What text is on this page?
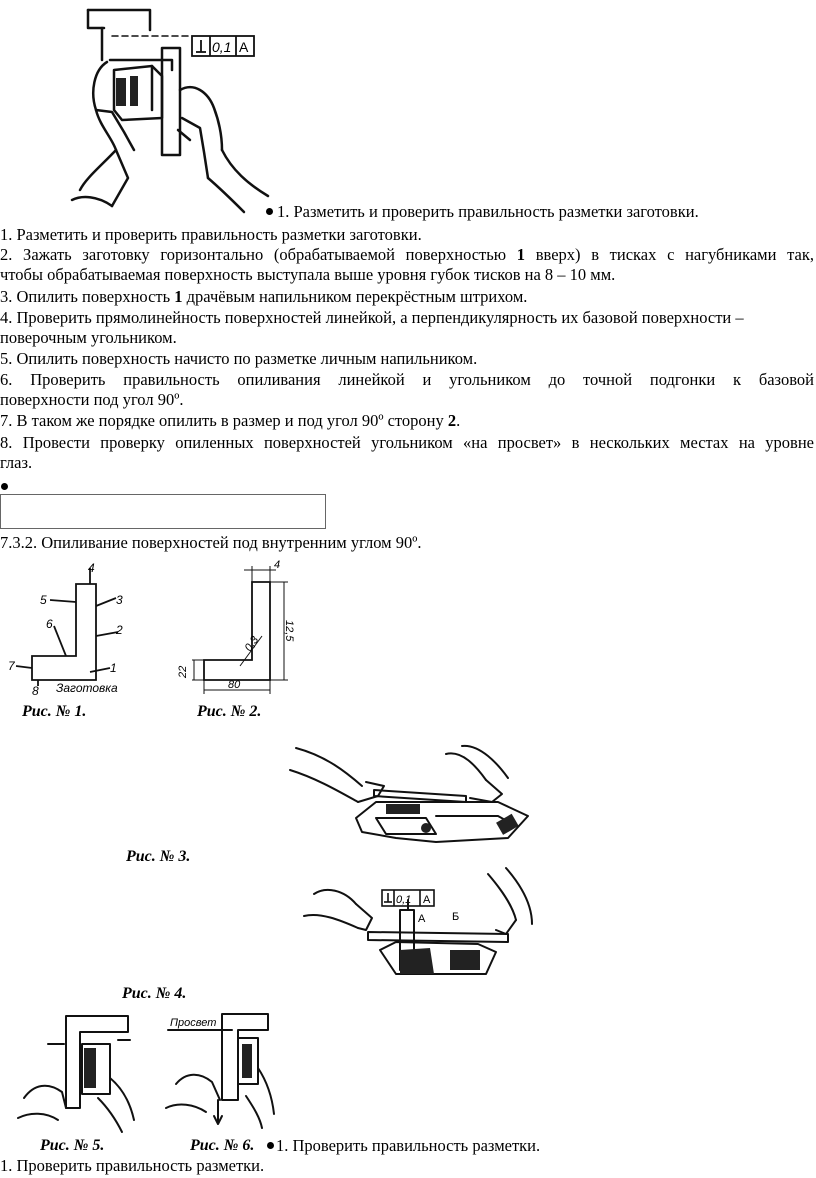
0,1 A
1. Разметить и проверить правильность разметки заготовки.
1. Разметить и проверить правильность разметки заготовки.
2. Зажать заготовку горизонтально (обрабатываемой поверхностью 1 вверх) в тисках с нагубниками так,
чтобы обрабатываемая поверхность выступала выше уровня губок тисков на 8 – 10 мм.
3. Опилить поверхность 1 драчёвым напильником перекрёстным штрихом.
4. Проверить прямолинейность поверхностей линейкой, а перпендикулярность их базовой поверхности –
поверочным угольником.
5. Опилить поверхность начисто по разметке личным напильником.
6. Проверить правильность опиливания линейкой и угольником до точной подгонки к базовой
поверхности под угол 90º.
7. В таком же порядке опилить в размер и под угол 90º сторону 2.
8. Провести проверку опиленных поверхностей угольником «на просвет» в нескольких местах на уровне
глаз.
7.3.2. Опиливание поверхностей под внутренним углом 90º.
4
5	3
6	2
7	1
8 Заготовка
4
12,5
22
0,3
80
Рис. № 1.	Рис. № 2.
Рис. № 3.
0,1 A
А Б
Рис. № 4.
Просвет
Рис. № 5.	Рис. № 6.	1. Проверить правильность разметки.
1. Проверить правильность разметки.
